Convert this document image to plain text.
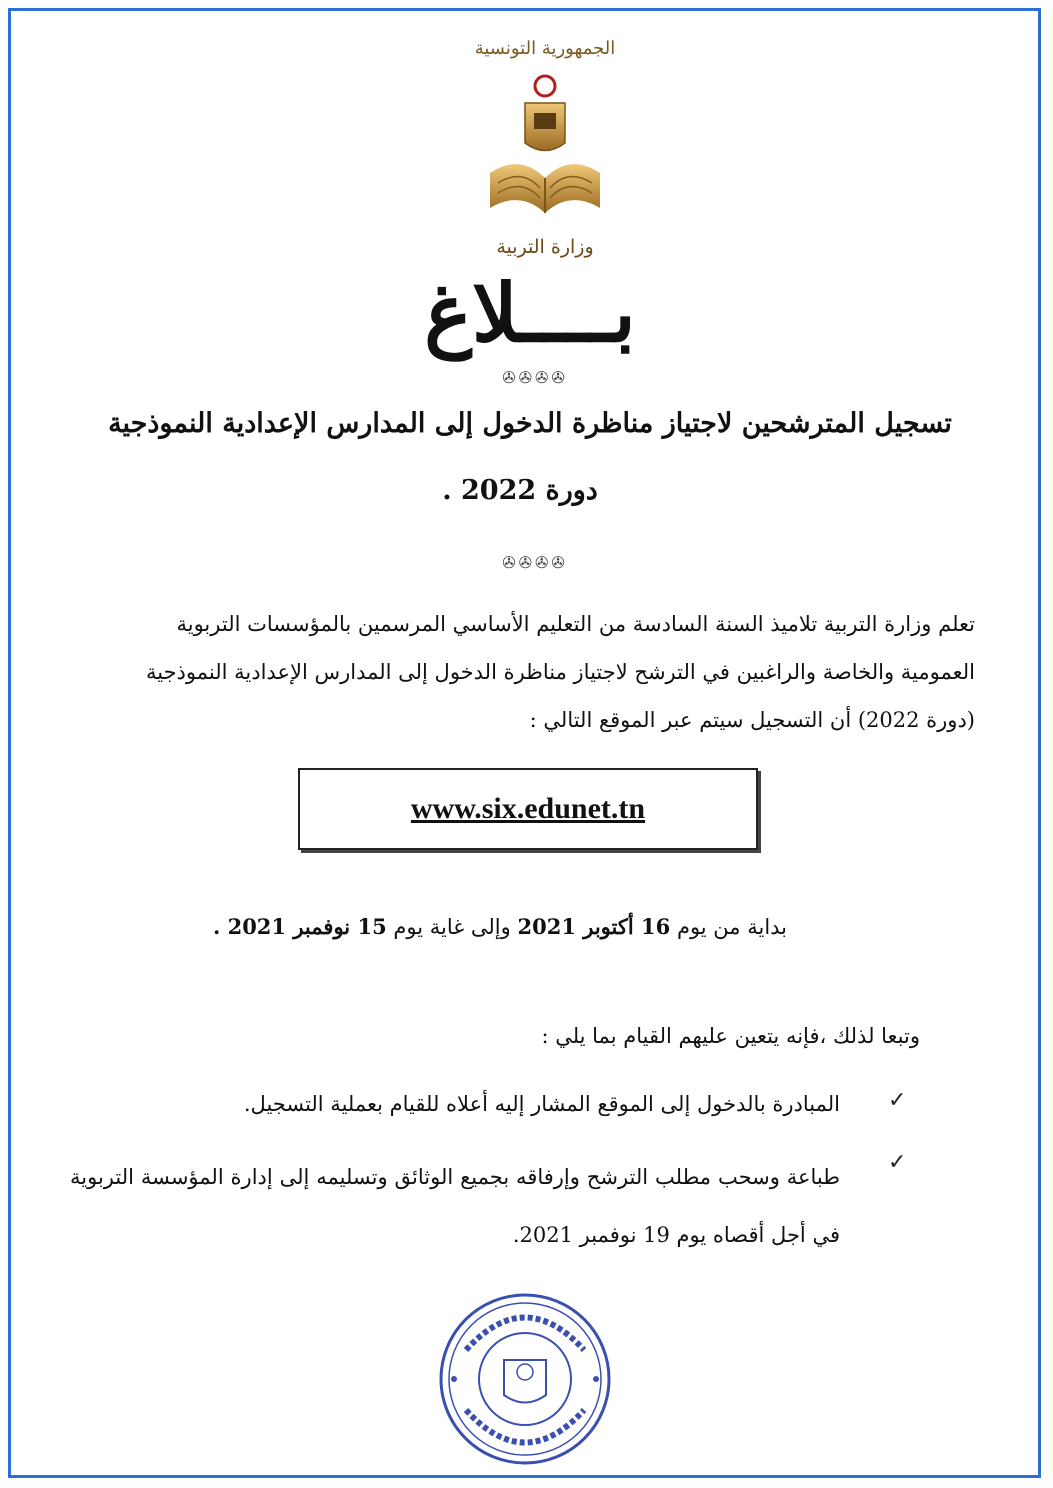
الجمهورية التونسية
وزارة التربية
بــــلاغ
✇✇✇✇
تسجيل المترشحين لاجتياز مناظرة الدخول إلى المدارس الإعدادية النموذجية
دورة 2022 .
✇✇✇✇
تعلم وزارة التربية تلاميذ السنة السادسة من التعليم الأساسي المرسمين بالمؤسسات التربوية
العمومية والخاصة والراغبين في الترشح لاجتياز مناظرة الدخول إلى المدارس الإعدادية النموذجية
(دورة 2022) أن التسجيل سيتم عبر الموقع التالي :
www.six.edunet.tn
بداية من يوم 16 أكتوبر 2021 وإلى غاية يوم 15 نوفمبر 2021 .
وتبعا لذلك ،فإنه يتعين عليهم القيام بما يلي :
✓
المبادرة بالدخول إلى الموقع المشار إليه أعلاه للقيام بعملية التسجيل.
✓
طباعة وسحب مطلب الترشح وإرفاقه بجميع الوثائق وتسليمه إلى إدارة المؤسسة التربوية في أجل أقصاه يوم 19 نوفمبر 2021.
